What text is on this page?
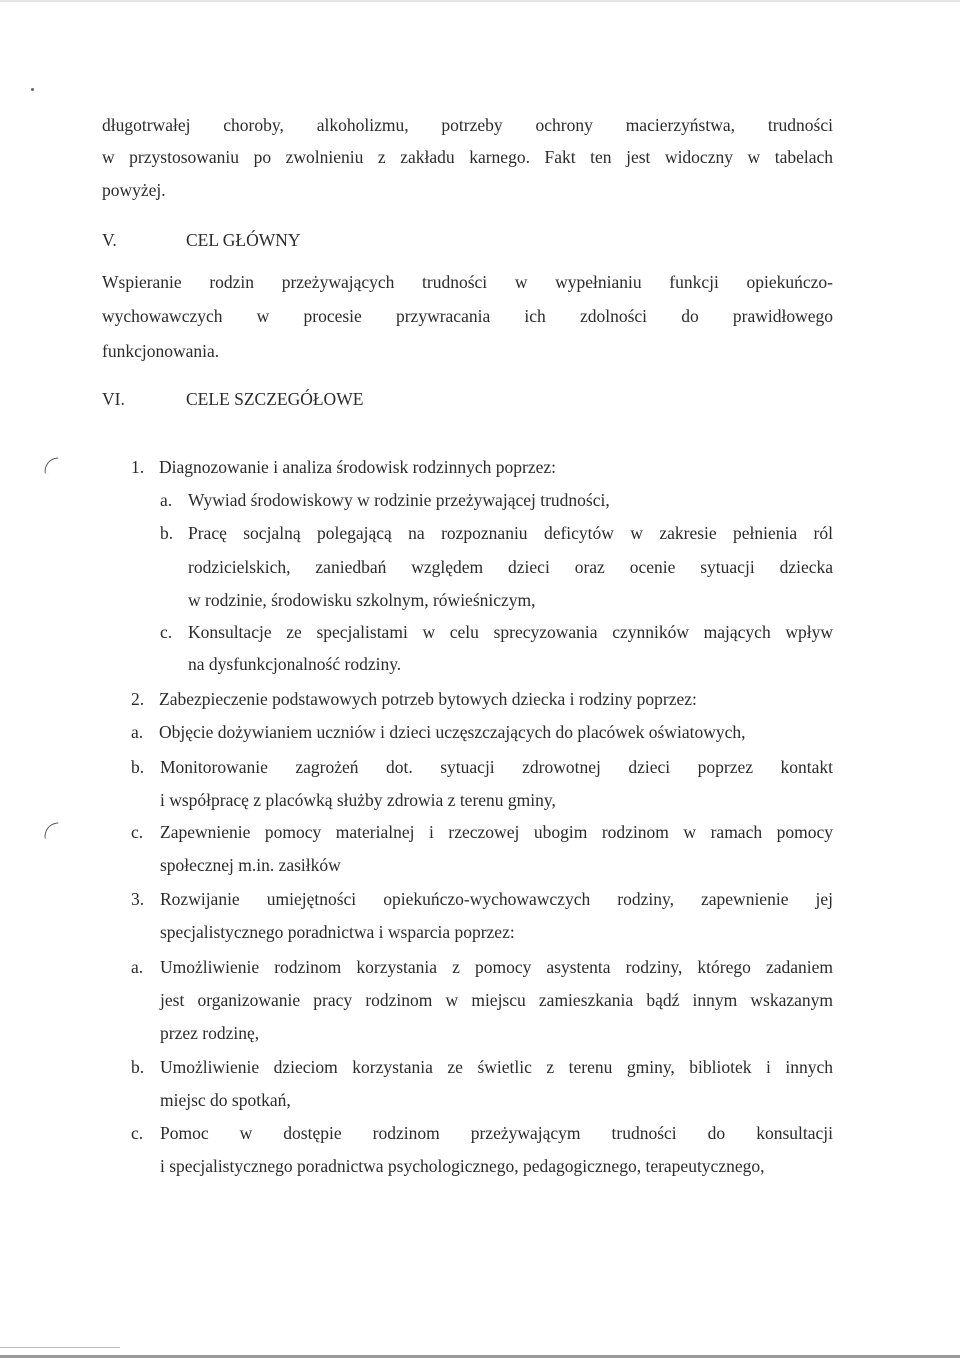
długotrwałej choroby, alkoholizmu, potrzeby ochrony macierzyństwa, trudności
w przystosowaniu po zwolnieniu z zakładu karnego. Fakt ten jest widoczny w tabelach
powyżej.
V.	CEL GŁÓWNY
Wspieranie rodzin przeżywających trudności w wypełnianiu funkcji opiekuńczo-
wychowawczych w procesie przywracania ich zdolności do prawidłowego
funkcjonowania.
VI.	CELE SZCZEGÓŁOWE
1. Diagnozowanie i analiza środowisk rodzinnych poprzez:
a. Wywiad środowiskowy w rodzinie przeżywającej trudności,
b. Pracę socjalną polegającą na rozpoznaniu deficytów w zakresie pełnienia ról
rodzicielskich, zaniedbań względem dzieci oraz ocenie sytuacji dziecka
w rodzinie, środowisku szkolnym, rówieśniczym,
c. Konsultacje ze specjalistami w celu sprecyzowania czynników mających wpływ
na dysfunkcjonalność rodziny.
2. Zabezpieczenie podstawowych potrzeb bytowych dziecka i rodziny poprzez:
a. Objęcie dożywianiem uczniów i dzieci uczęszczających do placówek oświatowych,
b. Monitorowanie zagrożeń dot. sytuacji zdrowotnej dzieci poprzez kontakt
i współpracę z placówką służby zdrowia z terenu gminy,
c. Zapewnienie pomocy materialnej i rzeczowej ubogim rodzinom w ramach pomocy
społecznej m.in. zasiłków
3. Rozwijanie umiejętności opiekuńczo-wychowawczych rodziny, zapewnienie jej
specjalistycznego poradnictwa i wsparcia poprzez:
a. Umożliwienie rodzinom korzystania z pomocy asystenta rodziny, którego zadaniem
jest organizowanie pracy rodzinom w miejscu zamieszkania bądź innym wskazanym
przez rodzinę,
b. Umożliwienie dzieciom korzystania ze świetlic z terenu gminy, bibliotek i innych
miejsc do spotkań,
c. Pomoc w dostępie rodzinom przeżywającym trudności do konsultacji
i specjalistycznego poradnictwa psychologicznego, pedagogicznego, terapeutycznego,
